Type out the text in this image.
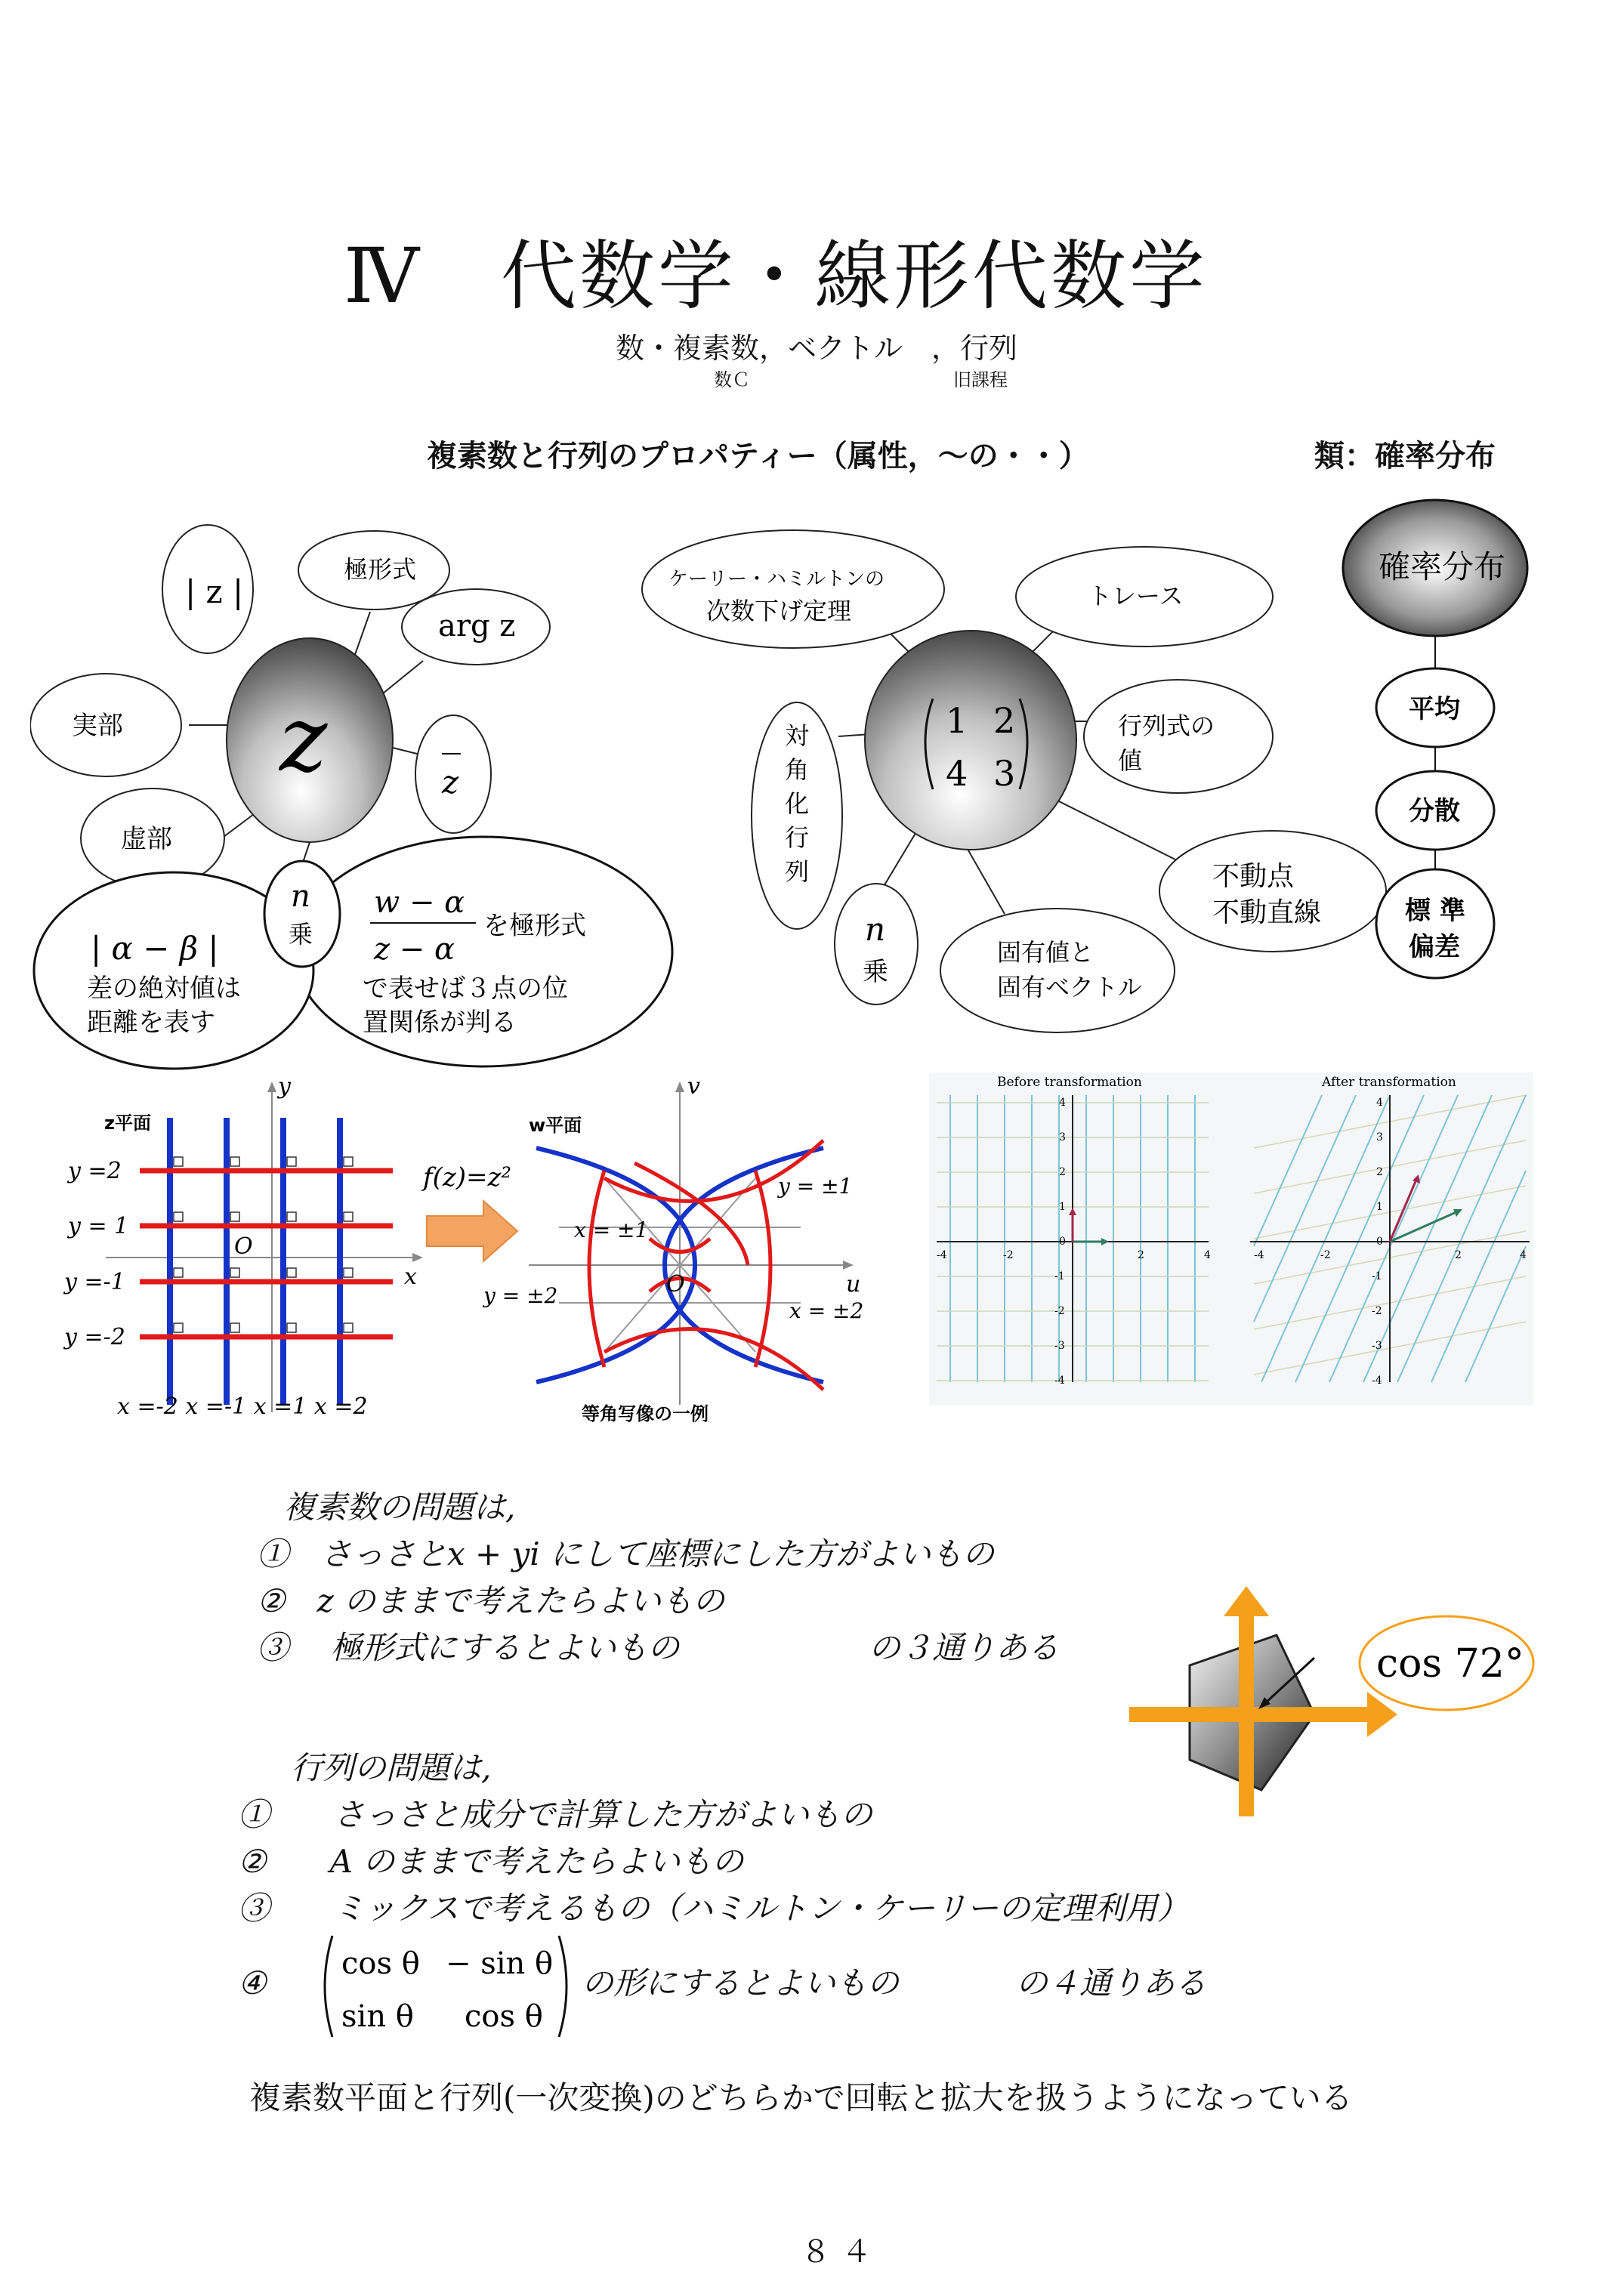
Ⅳ　代数学・線形代数学
数・複素数，ベクトル　，行列
数Ｃ	旧課程
複素数と行列のプロパティー（属性，～の・・）	類：確率分布
| z |
極形式
arg z
実部
z
虚部
z
n
乗
| α − β |
差の絶対値は
距離を表す
w − α
z − α
を極形式
で表せば３点の位
置関係が判る
ケーリー・ハミルトンの
次数下げ定理
トレース
対
角
化
行
列
1 2
4 3
行列式の
値
不動点
不動直線
n
乗
固有値と
固有ベクトル
確率分布
平均
分散
標 準
偏差
z平面
y
x
O
y =2
y = 1
y =-1
y =-2
x =-2 x =-1 x =1 x =2
f(z)=z²
w平面
v
u
O
y = ±1
x = ±1
y = ±2
x = ±2
等角写像の一例
Before transformation
-4	-2	2	4
4
3
2
1
0
-1
-2
-3
-4
After transformation
-4	-2	2	4
4
3
2
1
0
-1
-2
-3
-4
複素数の問題は,
①　さっさとx + yi にして座標にした方がよいもの
②　z のままで考えたらよいもの
③　 極形式にするとよいもの	の３通りある	cos 72°
行列の問題は,
①　　さっさと成分で計算した方がよいもの
②　　A のままで考えたらよいもの
③　　ミックスで考えるもの（ハミルトン・ケーリーの定理利用）
④
cos θ − sin θ
sin θ cos θ
の形にするとよいもの	の４通りある
複素数平面と行列(一次変換)のどちらかで回転と拡大を扱うようになっている
８４
